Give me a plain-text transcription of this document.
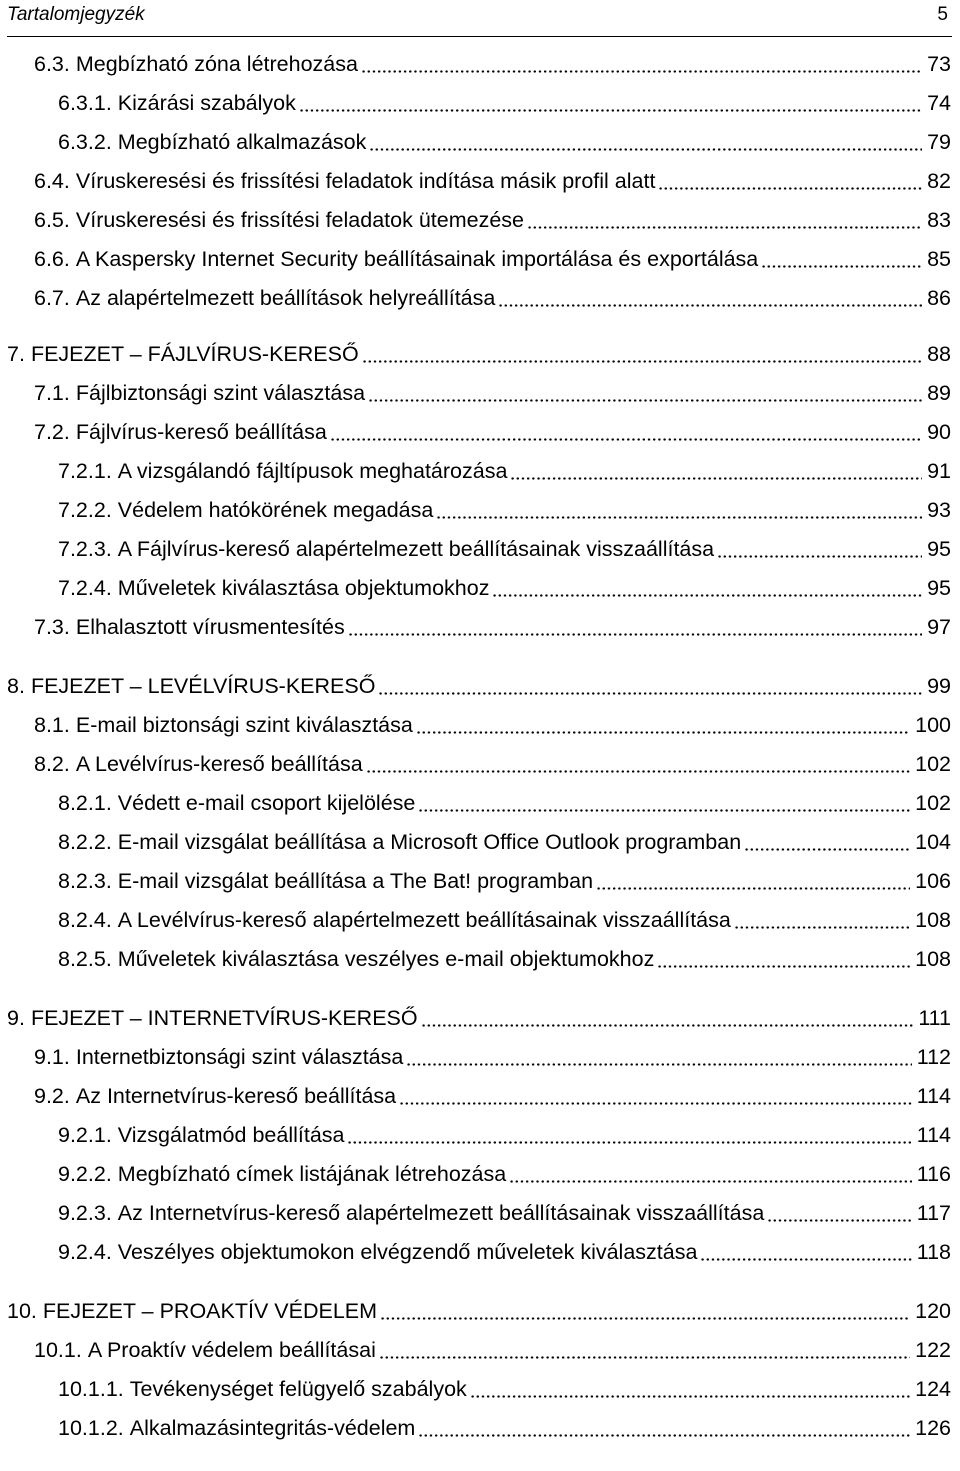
Tartalomjegyzék	5
6.3. Megbízható zóna létrehozása	73
6.3.1. Kizárási szabályok	74
6.3.2. Megbízható alkalmazások	79
6.4. Víruskeresési és frissítési feladatok indítása másik profil alatt	82
6.5. Víruskeresési és frissítési feladatok ütemezése	83
6.6. A Kaspersky Internet Security beállításainak importálása és exportálása	85
6.7. Az alapértelmezett beállítások helyreállítása	86
7. FEJEZET – FÁJLVÍRUS-KERESŐ	88
7.1. Fájlbiztonsági szint választása	89
7.2. Fájlvírus-kereső beállítása	90
7.2.1. A vizsgálandó fájltípusok meghatározása	91
7.2.2. Védelem hatókörének megadása	93
7.2.3. A Fájlvírus-kereső alapértelmezett beállításainak visszaállítása	95
7.2.4. Műveletek kiválasztása objektumokhoz	95
7.3. Elhalasztott vírusmentesítés	97
8. FEJEZET – LEVÉLVÍRUS-KERESŐ	99
8.1. E-mail biztonsági szint kiválasztása	100
8.2. A Levélvírus-kereső beállítása	102
8.2.1. Védett e-mail csoport kijelölése	102
8.2.2. E-mail vizsgálat beállítása a Microsoft Office Outlook programban	104
8.2.3. E-mail vizsgálat beállítása a The Bat! programban	106
8.2.4. A Levélvírus-kereső alapértelmezett beállításainak visszaállítása	108
8.2.5. Műveletek kiválasztása veszélyes e-mail objektumokhoz	108
9. FEJEZET – INTERNETVÍRUS-KERESŐ	111
9.1. Internetbiztonsági szint választása	112
9.2. Az Internetvírus-kereső beállítása	114
9.2.1. Vizsgálatmód beállítása	114
9.2.2. Megbízható címek listájának létrehozása	116
9.2.3. Az Internetvírus-kereső alapértelmezett beállításainak visszaállítása	117
9.2.4. Veszélyes objektumokon elvégzendő műveletek kiválasztása	118
10. FEJEZET – PROAKTÍV VÉDELEM	120
10.1. A Proaktív védelem beállításai	122
10.1.1. Tevékenységet felügyelő szabályok	124
10.1.2. Alkalmazásintegritás-védelem	126
